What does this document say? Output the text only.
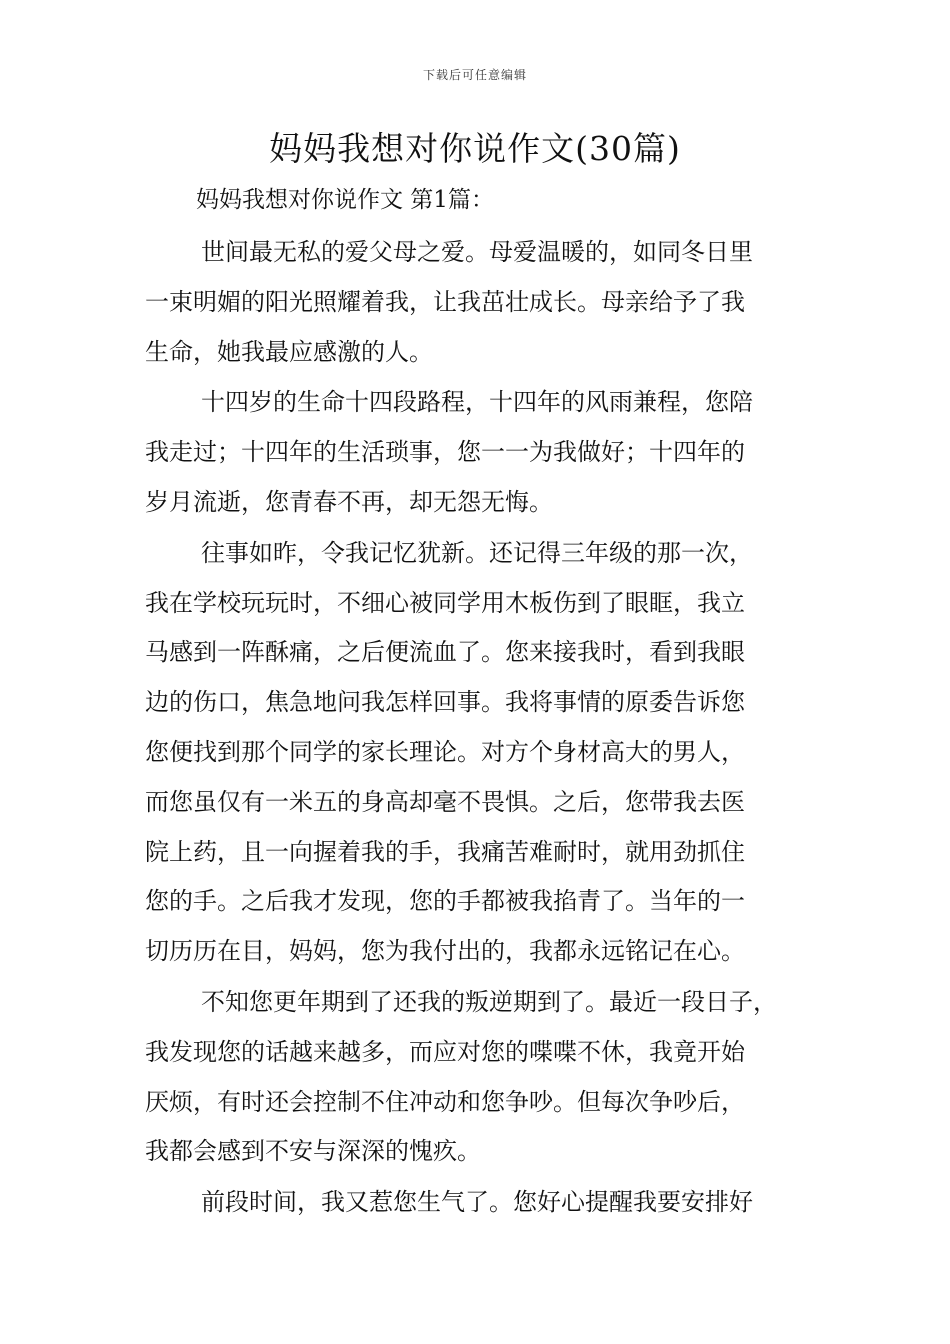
下载后可任意编辑
妈妈我想对你说作文(30篇)
妈妈我想对你说作文 第1篇：

世间最无私的爱父母之爱。母爱温暖的，如同冬日里
一束明媚的阳光照耀着我，让我茁壮成长。母亲给予了我
生命，她我最应感激的人。

十四岁的生命十四段路程，十四年的风雨兼程，您陪
我走过；十四年的生活琐事，您一一为我做好；十四年的
岁月流逝，您青春不再，却无怨无悔。

往事如昨，令我记忆犹新。还记得三年级的那一次，
我在学校玩玩时，不细心被同学用木板伤到了眼眶，我立
马感到一阵酥痛，之后便流血了。您来接我时，看到我眼
边的伤口，焦急地问我怎样回事。我将事情的原委告诉您
您便找到那个同学的家长理论。对方个身材高大的男人，
而您虽仅有一米五的身高却毫不畏惧。之后，您带我去医
院上药，且一向握着我的手，我痛苦难耐时，就用劲抓住
您的手。之后我才发现，您的手都被我掐青了。当年的一
切历历在目，妈妈，您为我付出的，我都永远铭记在心。

不知您更年期到了还我的叛逆期到了。最近一段日子，
我发现您的话越来越多，而应对您的喋喋不休，我竟开始
厌烦，有时还会控制不住冲动和您争吵。但每次争吵后，
我都会感到不安与深深的愧疚。

前段时间，我又惹您生气了。您好心提醒我要安排好
